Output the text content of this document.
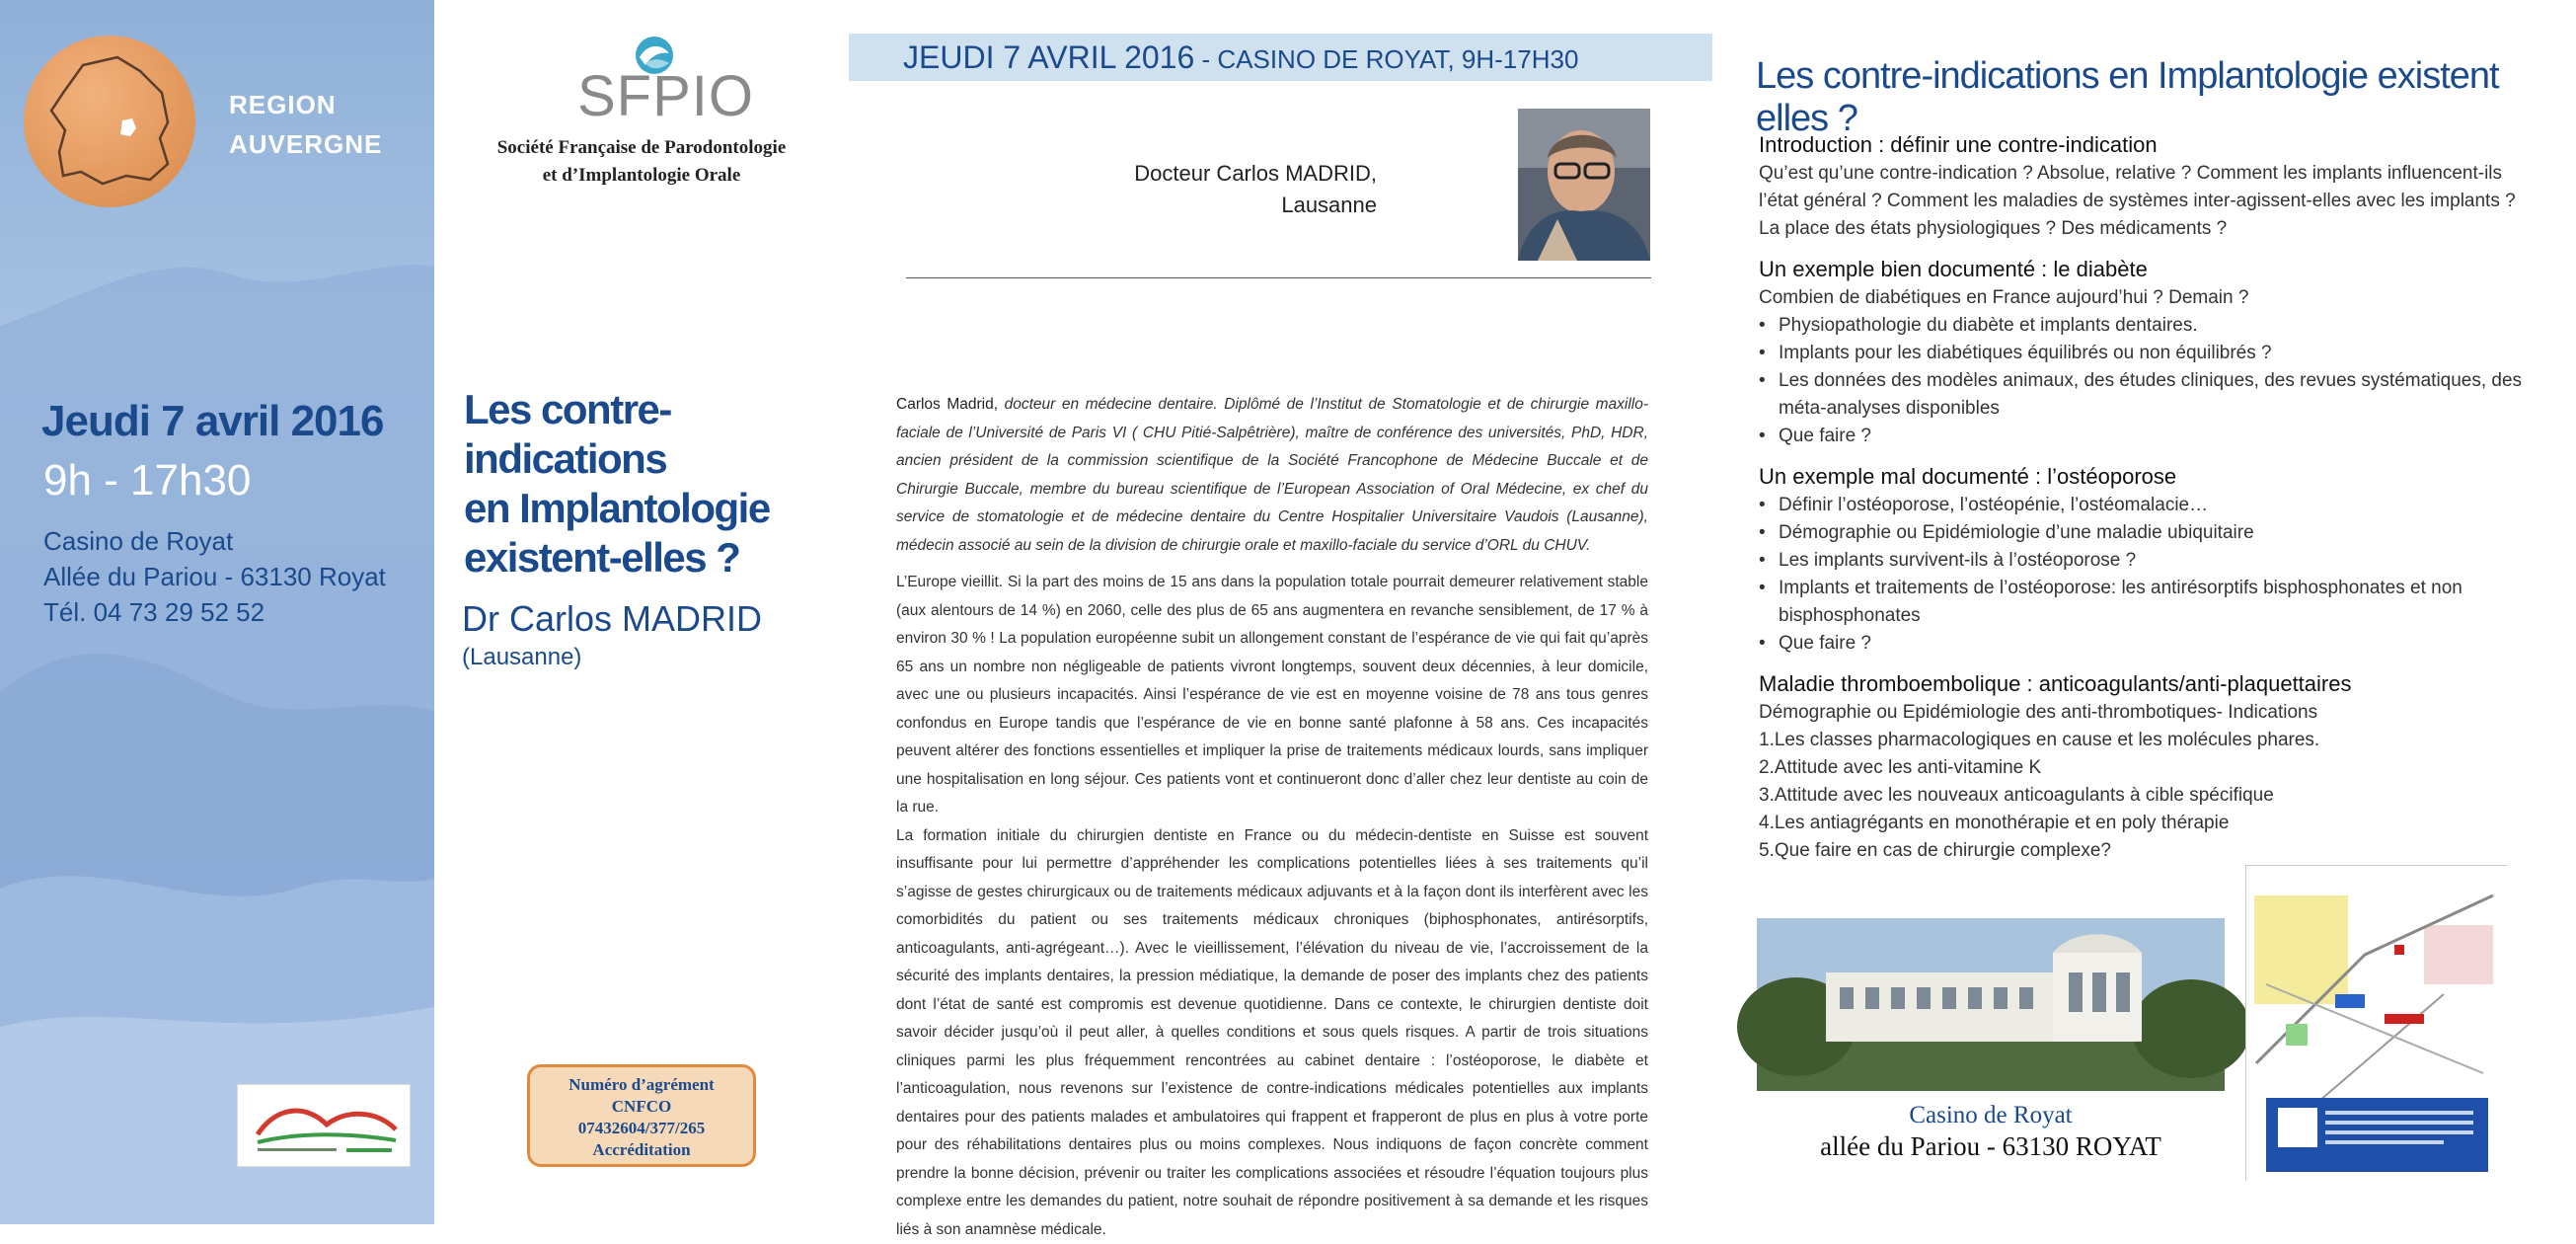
REGION
AUVERGNE
Jeudi 7 avril 2016
9h - 17h30
Casino de Royat
Allée du Pariou - 63130 Royat
Tél. 04 73 29 52 52
SFPIO
Société Française de Parodontologie
et d’Implantologie Orale
Les contre-indications
en Implantologie
existent-elles ?
Dr Carlos MADRID
(Lausanne)
Numéro d’agrément
CNFCO
07432604/377/265
Accréditation
JEUDI 7 AVRIL 2016 - CASINO DE ROYAT, 9H-17H30
Docteur Carlos MADRID,
Lausanne
Carlos Madrid, docteur en médecine dentaire. Diplômé de l’Institut de Stomatologie et de chirurgie maxillo-faciale de l’Université de Paris VI ( CHU Pitié-Salpêtrière), maître de conférence des universités, PhD, HDR, ancien président de la commission scientifique de la Société Francophone de Médecine Buccale et de Chirurgie Buccale, membre du bureau scientifique de l’European Association of Oral Médecine, ex chef du service de stomatologie et de médecine dentaire du Centre Hospitalier Universitaire Vaudois (Lausanne), médecin associé au sein de la division de chirurgie orale et maxillo-faciale du service d’ORL du CHUV.

L’Europe vieillit. Si la part des moins de 15 ans dans la population totale pourrait demeurer relativement stable (aux alentours de 14 %) en 2060, celle des plus de 65 ans augmentera en revanche sensiblement, de 17 % à environ 30 % ! La population européenne subit un allongement constant de l’espérance de vie qui fait qu’après 65 ans un nombre non négligeable de patients vivront longtemps, souvent deux décennies, à leur domicile, avec une ou plusieurs incapacités. Ainsi l’espérance de vie est en moyenne voisine de 78 ans tous genres confondus en Europe tandis que l’espérance de vie en bonne santé plafonne à 58 ans. Ces incapacités peuvent altérer des fonctions essentielles et impliquer la prise de traitements médicaux lourds, sans impliquer une hospitalisation en long séjour. Ces patients vont et continueront donc d’aller chez leur dentiste au coin de la rue.

La formation initiale du chirurgien dentiste en France ou du médecin-dentiste en Suisse est souvent insuffisante pour lui permettre d’appréhender les complications potentielles liées à ses traitements qu’il s’agisse de gestes chirurgicaux ou de traitements médicaux adjuvants et à la façon dont ils interfèrent avec les comorbidités du patient ou ses traitements médicaux chroniques (biphosphonates, antirésorptifs, anticoagulants, anti-agrégeant…). Avec le vieillissement, l’élévation du niveau de vie, l’accroissement de la sécurité des implants dentaires, la pression médiatique, la demande de poser des implants chez des patients dont l’état de santé est compromis est devenue quotidienne. Dans ce contexte, le chirurgien dentiste doit savoir décider jusqu’où il peut aller, à quelles conditions et sous quels risques. A partir de trois situations cliniques parmi les plus fréquemment rencontrées au cabinet dentaire : l’ostéoporose, le diabète et l’anticoagulation, nous revenons sur l’existence de contre-indications médicales potentielles aux implants dentaires pour des patients malades et ambulatoires qui frappent et frapperont de plus en plus à votre porte pour des réhabilitations dentaires plus ou moins complexes. Nous indiquons de façon concrète comment prendre la bonne décision, prévenir ou traiter les complications associées et résoudre l’équation toujours plus complexe entre les demandes du patient, notre souhait de répondre positivement à sa demande et les risques liés à son anamnèse médicale.

Les contre-indications en Implantologie existent elles ?
Introduction : définir une contre-indication

Qu’est qu’une contre-indication ? Absolue, relative ? Comment les implants influencent-ils l’état général ? Comment les maladies de systèmes inter-agissent-elles avec les implants ? La place des états physiologiques ? Des médicaments ?

Un exemple bien documenté : le diabète

Combien de diabétiques en France aujourd’hui ? Demain ?

• Physiopathologie du diabète et implants dentaires.
• Implants pour les diabétiques équilibrés ou non équilibrés ?
• Les données des modèles animaux, des études cliniques, des revues systématiques, des méta-analyses disponibles
• Que faire ?
Un exemple mal documenté : l’ostéoporose
• Définir l’ostéoporose, l’ostéopénie, l’ostéomalacie…
• Démographie ou Epidémiologie d’une maladie ubiquitaire
• Les implants survivent-ils à l’ostéoporose ?
• Implants et traitements de l’ostéoporose: les antirésorptifs bisphosphonates et non bisphosphonates
• Que faire ?
Maladie thromboembolique : anticoagulants/anti-plaquettaires

Démographie ou Epidémiologie des anti-thrombotiques- Indications

1.Les classes pharmacologiques en cause et les molécules phares.
2.Attitude avec les anti-vitamine K
3.Attitude avec les nouveaux anticoagulants à cible spécifique
4.Les antiagrégants en monothérapie et en poly thérapie
5.Que faire en cas de chirurgie complexe?
Casino de Royat
allée du Pariou - 63130 ROYAT
